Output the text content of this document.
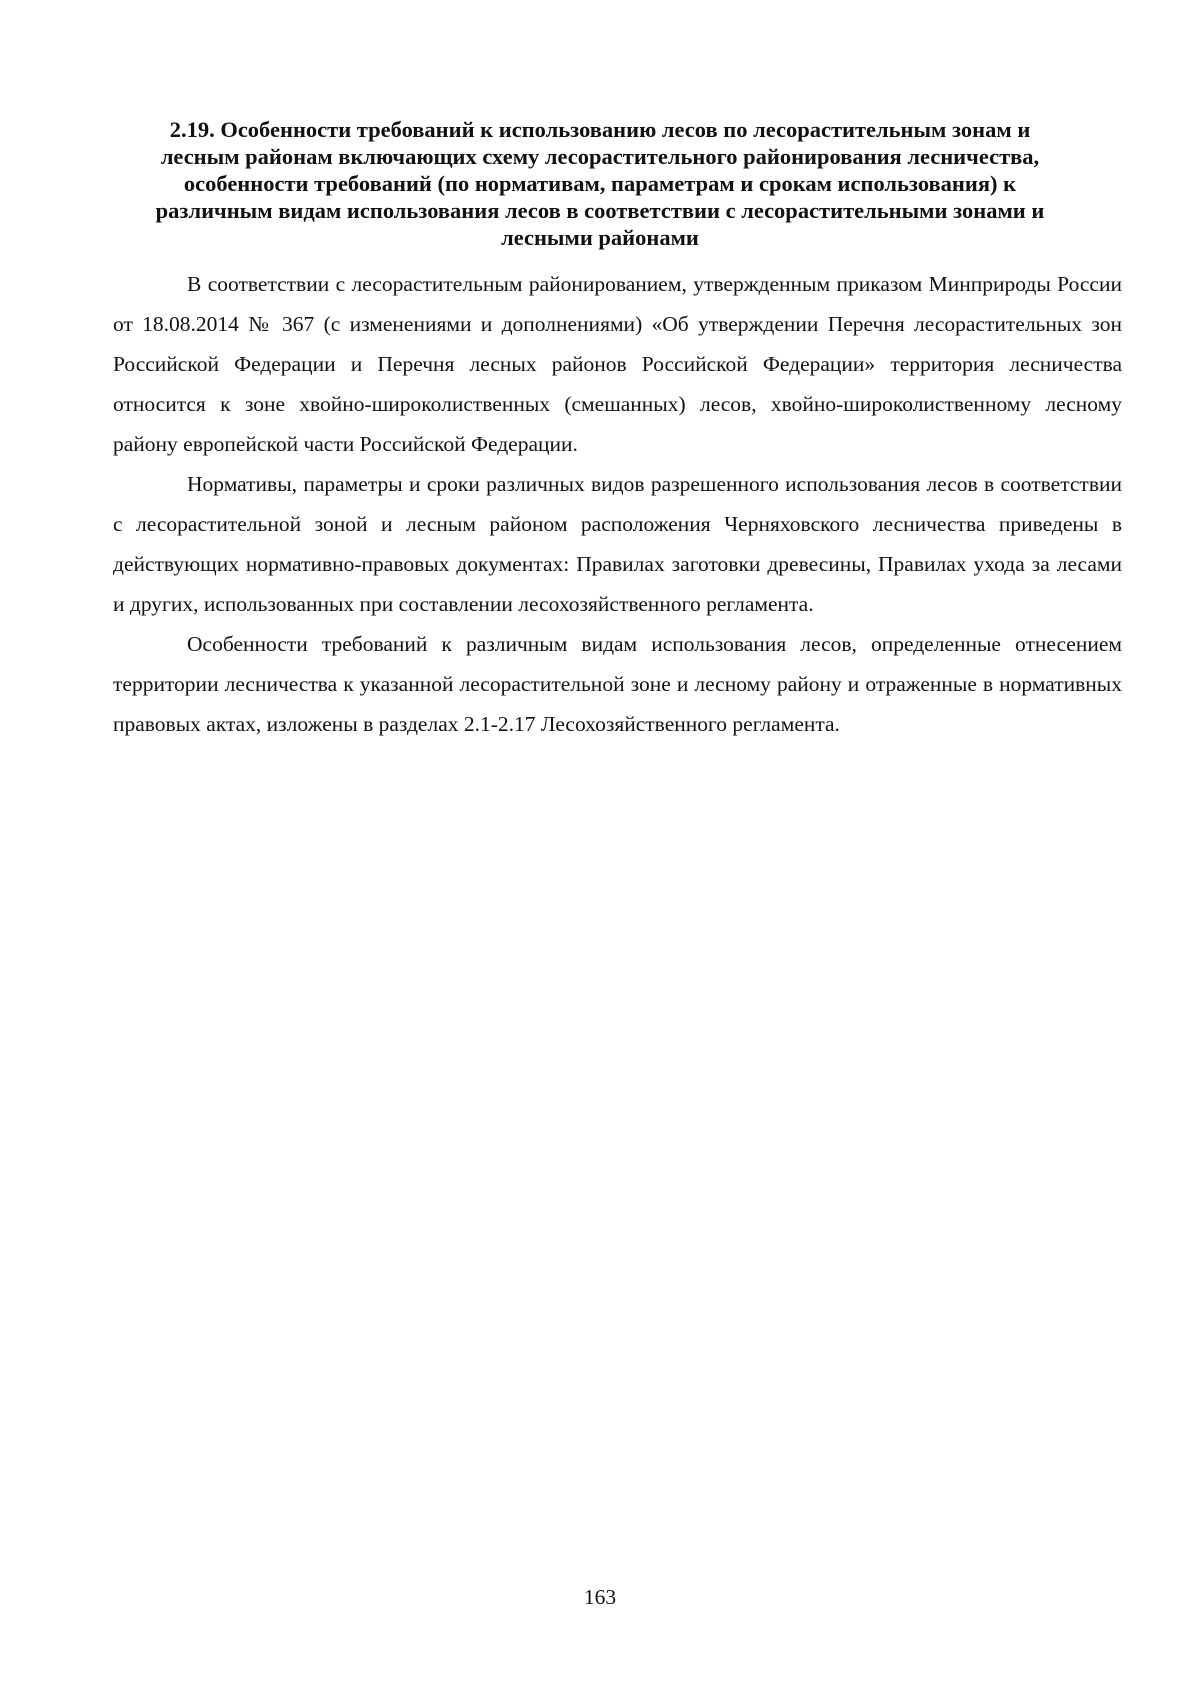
2.19. Особенности требований к использованию лесов по лесорастительным зонам и
лесным районам включающих схему лесорастительного районирования лесничества,
особенности требований (по нормативам, параметрам и срокам использования) к
различным видам использования лесов в соответствии с лесорастительными зонами и
лесными районами

В соответствии с лесорастительным районированием, утвержденным приказом Минприроды России от 18.08.2014 № 367 (с изменениями и дополнениями) «Об утверждении Перечня лесорастительных зон Российской Федерации и Перечня лесных районов Российской Федерации» территория лесничества относится к зоне хвойно-широколиственных (смешанных) лесов, хвойно-широколиственному лесному району европейской части Российской Федерации.

Нормативы, параметры и сроки различных видов разрешенного использования лесов в соответствии с лесорастительной зоной и лесным районом расположения Черняховского лесничества приведены в действующих нормативно-правовых документах: Правилах заготовки древесины, Правилах ухода за лесами и других, использованных при составлении лесохозяйственного регламента.

Особенности требований к различным видам использования лесов, определенные отнесением территории лесничества к указанной лесорастительной зоне и лесному району и отраженные в нормативных правовых актах, изложены в разделах 2.1-2.17 Лесохозяйственного регламента.

163
